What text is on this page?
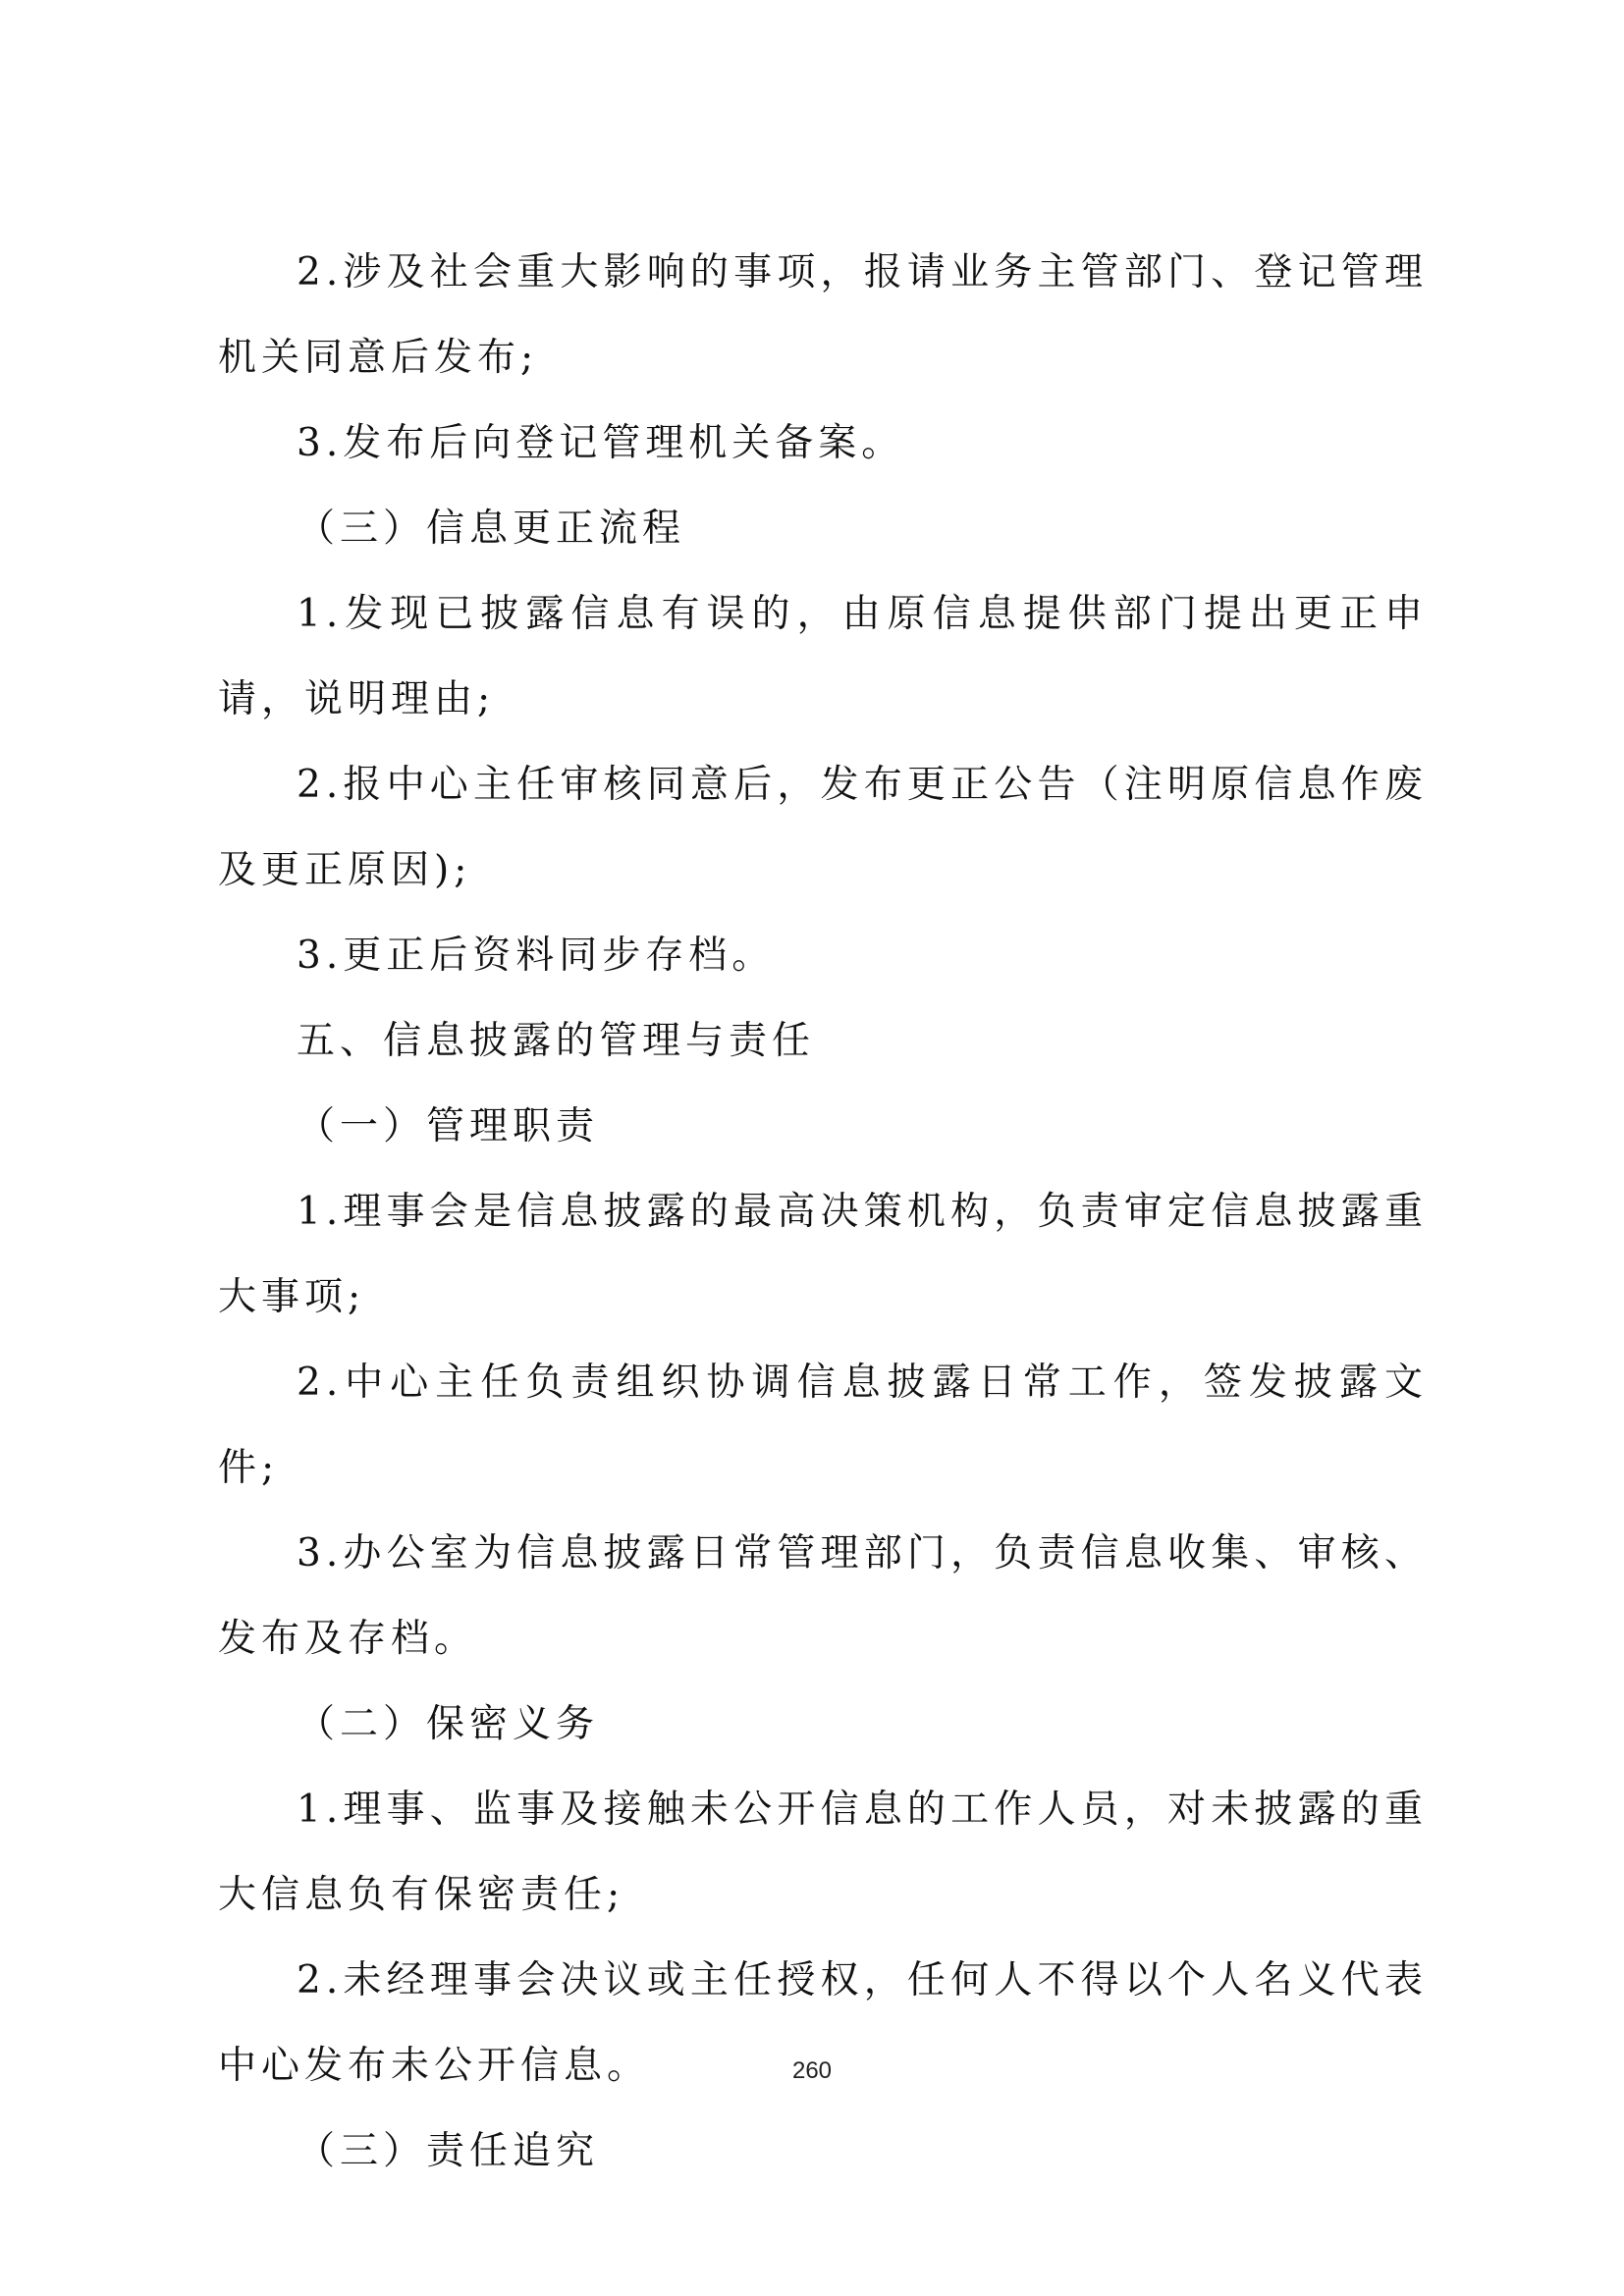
2.涉及社会重大影响的事项，报请业务主管部门、登记管理机关同意后发布;

3.发布后向登记管理机关备案。

（三）信息更正流程

1.发现已披露信息有误的，由原信息提供部门提出更正申请，说明理由;

2.报中心主任审核同意后，发布更正公告（注明原信息作废及更正原因);

3.更正后资料同步存档。

五、信息披露的管理与责任

（一）管理职责

1.理事会是信息披露的最高决策机构，负责审定信息披露重大事项;

2.中心主任负责组织协调信息披露日常工作，签发披露文件;

3.办公室为信息披露日常管理部门，负责信息收集、审核、发布及存档。

（二）保密义务

1.理事、监事及接触未公开信息的工作人员，对未披露的重大信息负有保密责任;

2.未经理事会决议或主任授权，任何人不得以个人名义代表中心发布未公开信息。

（三）责任追究

260
